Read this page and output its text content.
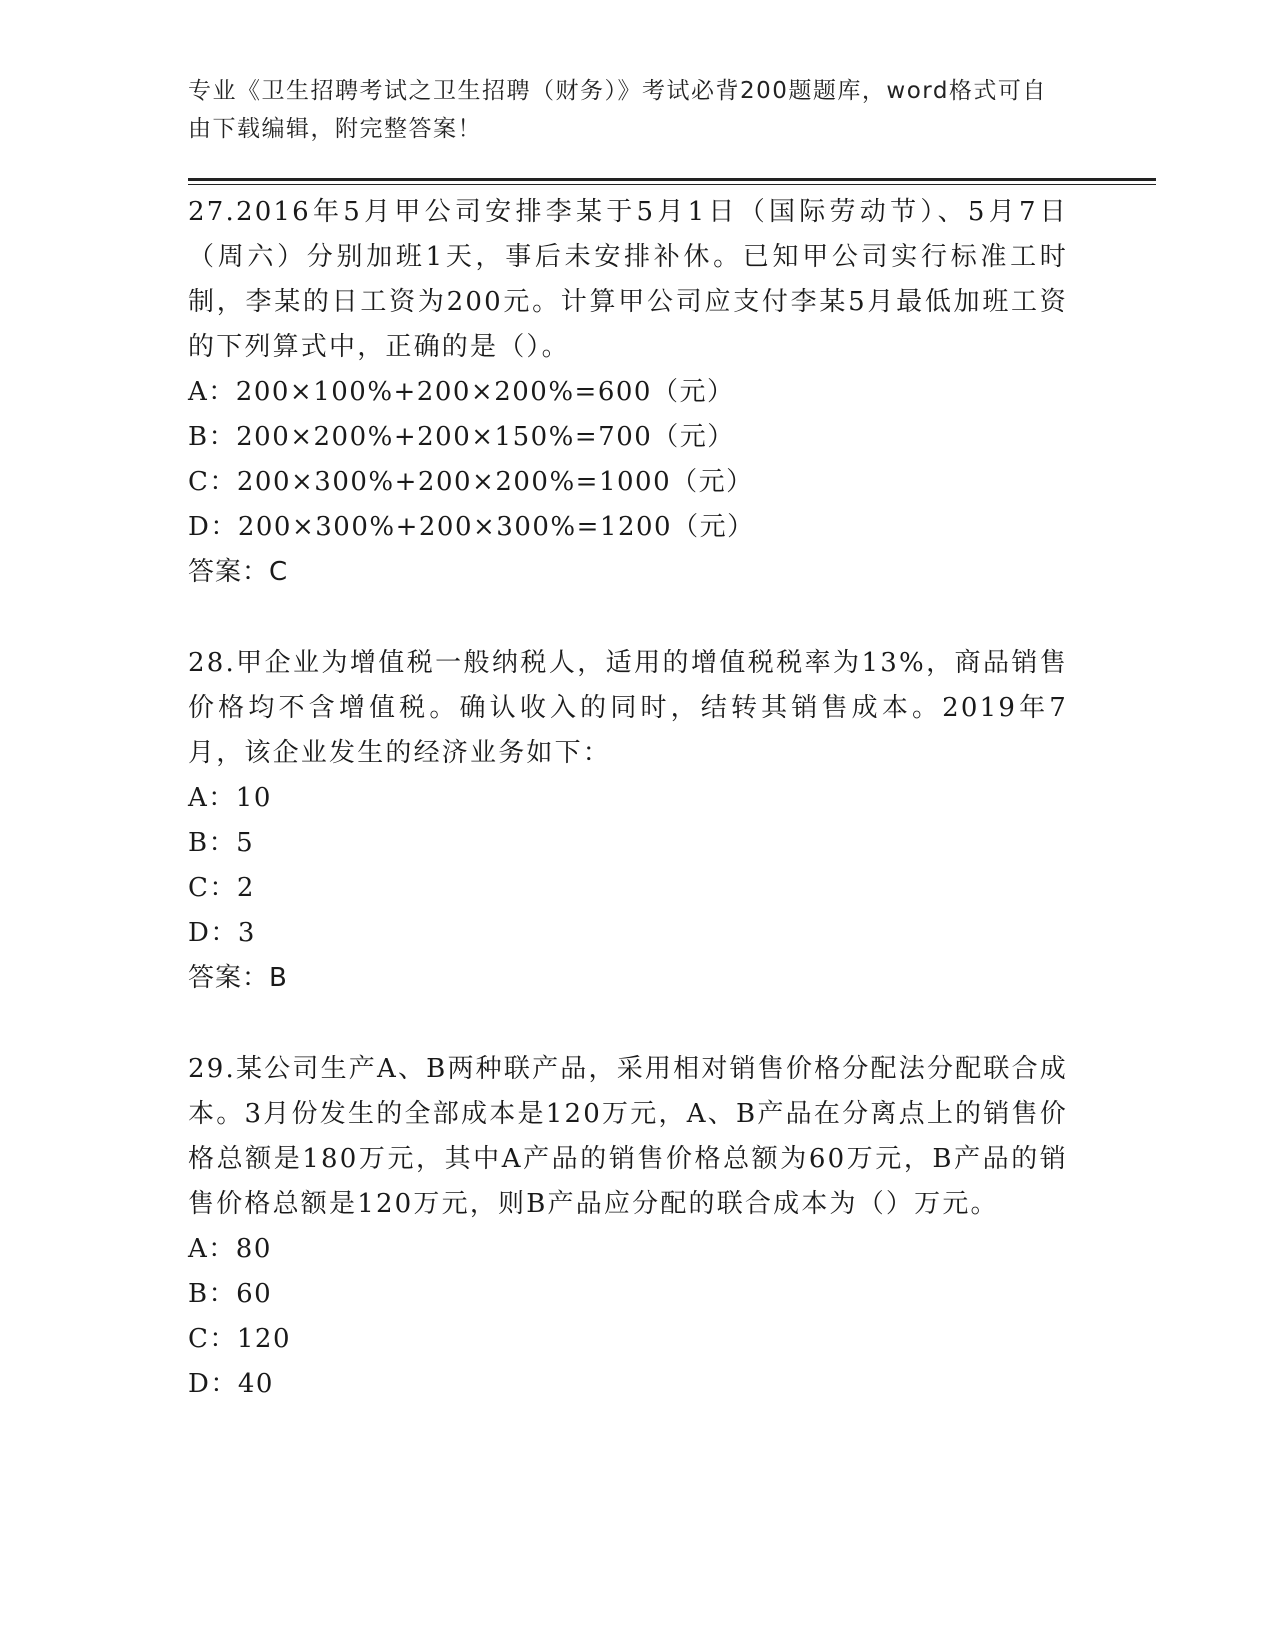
专业《卫生招聘考试之卫生招聘（财务）》考试必背200题题库，word格式可自由下载编辑，附完整答案！

27.2016年5月甲公司安排李某于5月1日（国际劳动节）、5月7日（周六）分别加班1天，事后未安排补休。已知甲公司实行标准工时制，李某的日工资为200元。计算甲公司应支付李某5月最低加班工资的下列算式中，正确的是（）。

A：200×100%+200×200%=600（元）

B：200×200%+200×150%=700（元）

C：200×300%+200×200%=1000（元）

D：200×300%+200×300%=1200（元）

答案：C

28.甲企业为增值税一般纳税人，适用的增值税税率为13%，商品销售价格均不含增值税。确认收入的同时，结转其销售成本。2019年7月，该企业发生的经济业务如下：

A：10

B：5

C：2

D：3

答案：B

29.某公司生产A、B两种联产品，采用相对销售价格分配法分配联合成本。3月份发生的全部成本是120万元，A、B产品在分离点上的销售价格总额是180万元，其中A产品的销售价格总额为60万元，B产品的销售价格总额是120万元，则B产品应分配的联合成本为（）万元。

A：80

B：60

C：120

D：40
